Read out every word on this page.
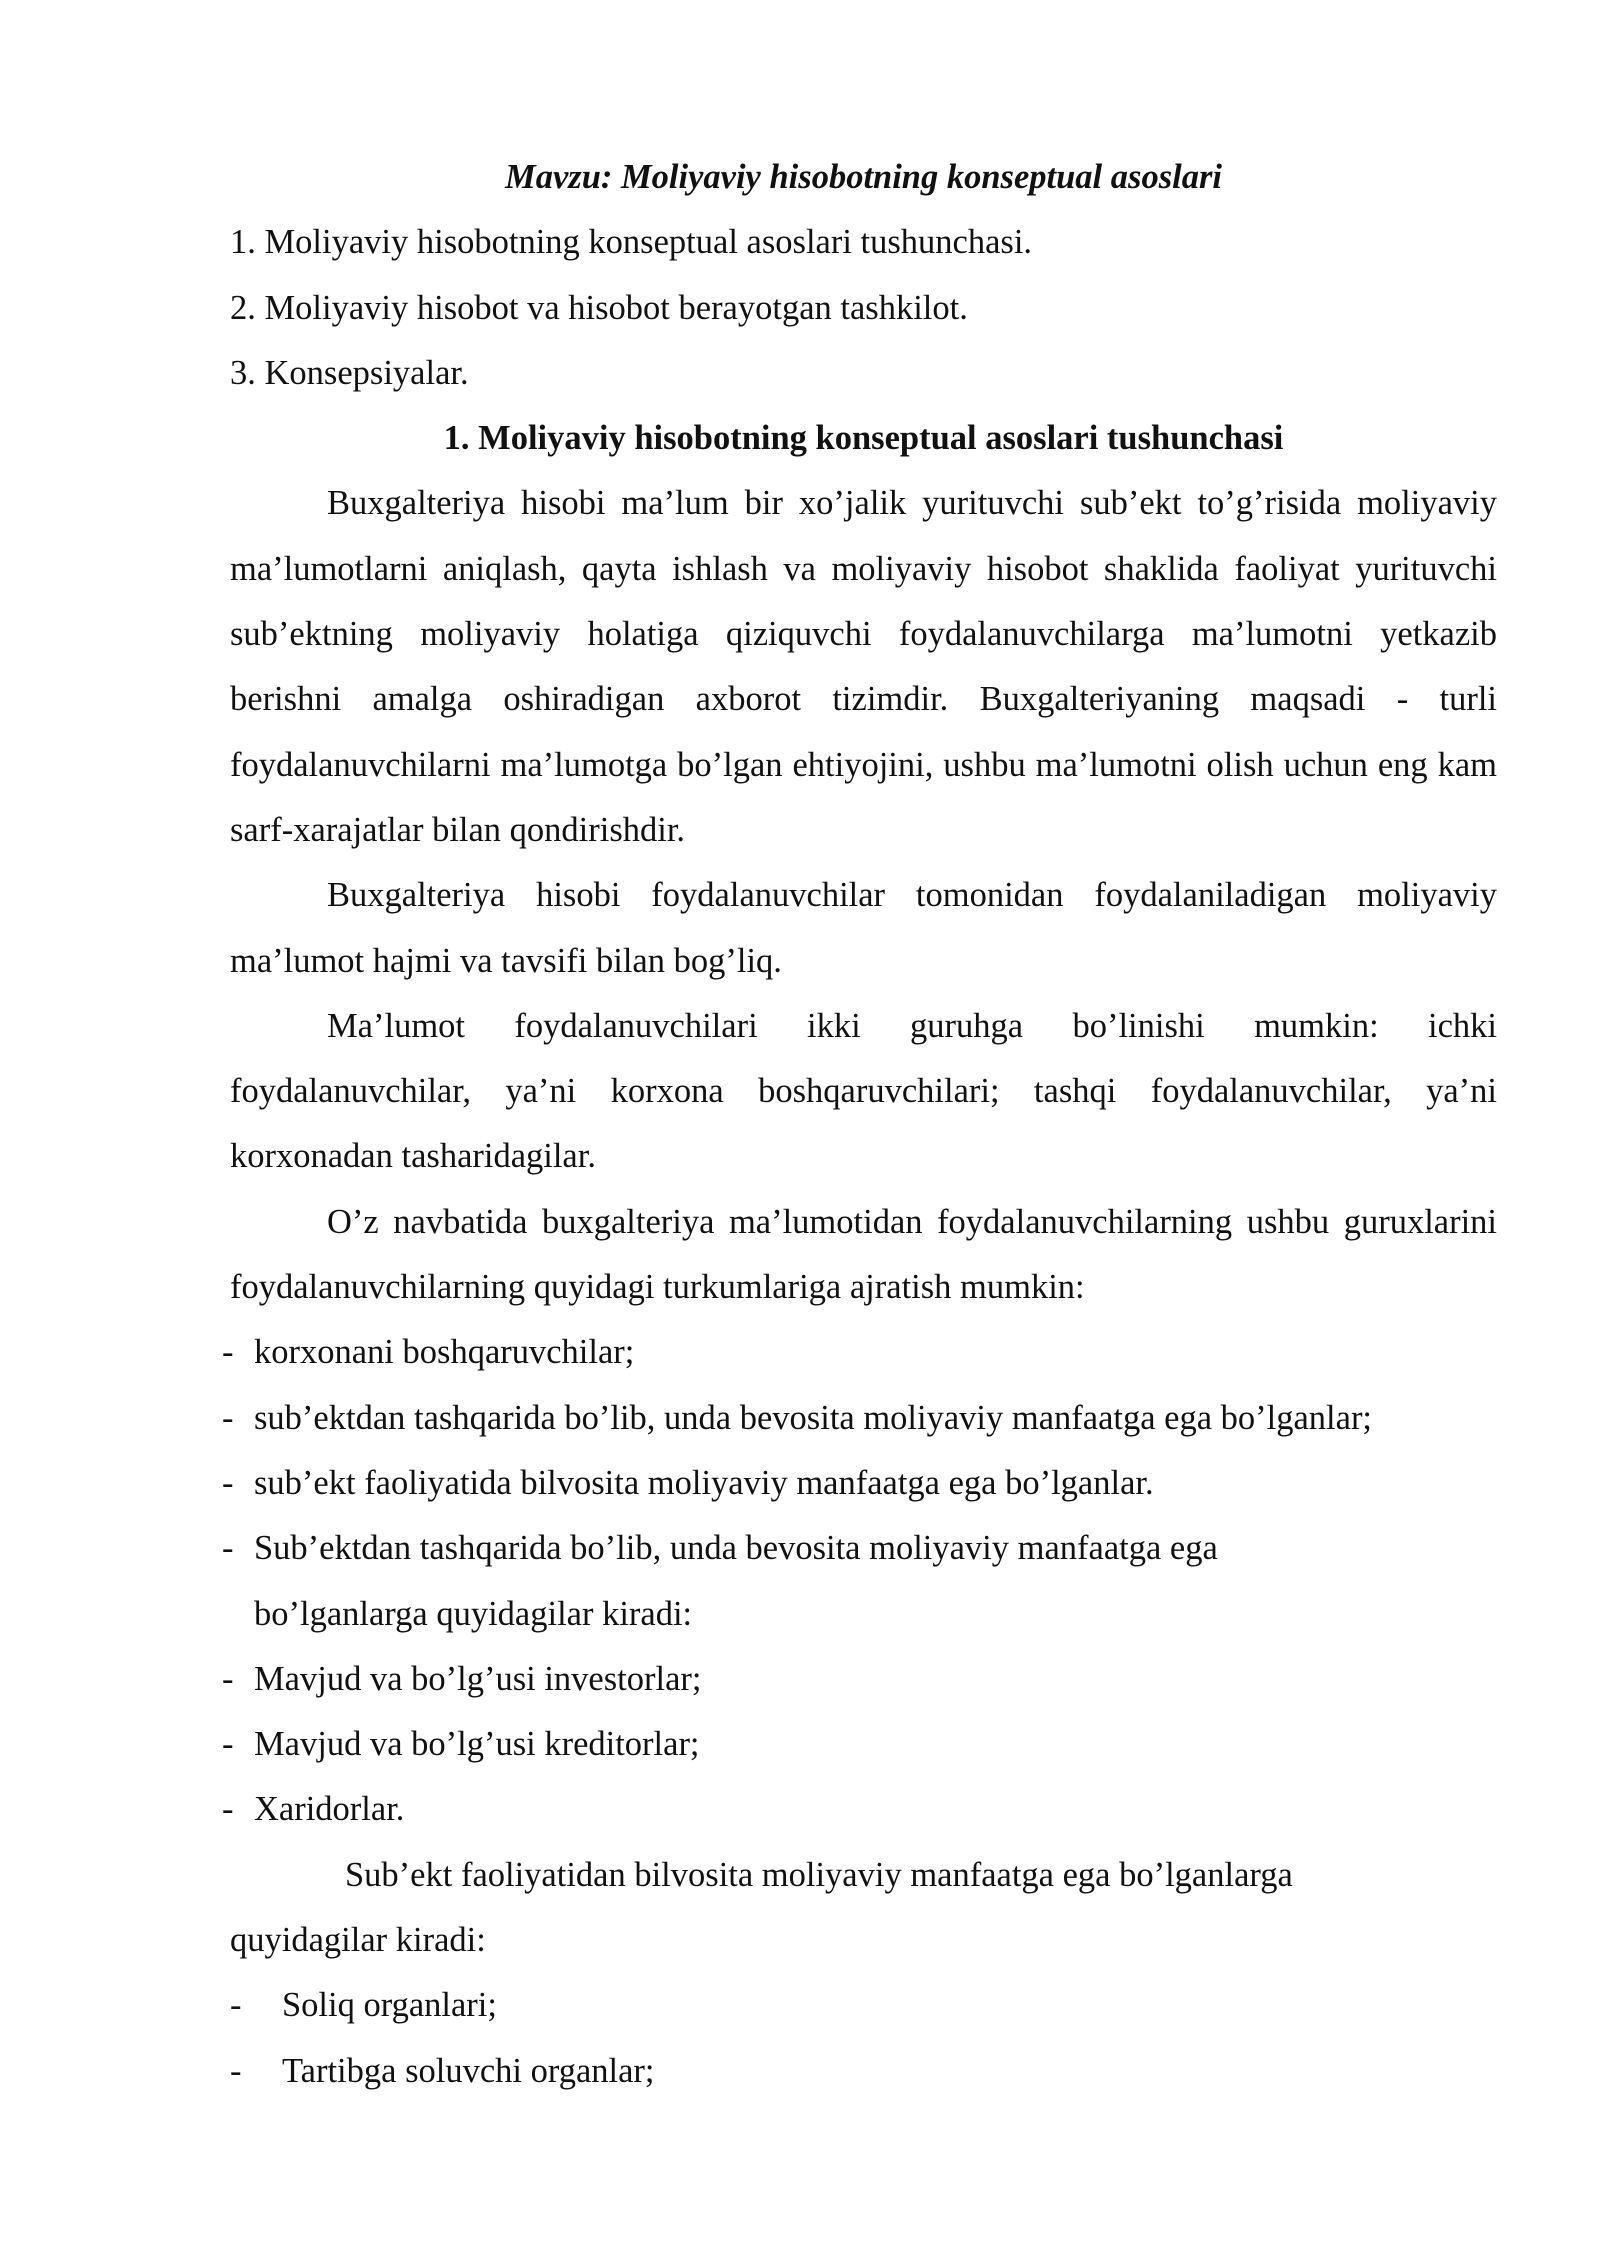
Mavzu: Moliyaviy hisobotning konseptual asoslari
1. Moliyaviy hisobotning konseptual asoslari tushunchasi.
2. Moliyaviy hisobot va hisobot berayotgan tashkilot.
3. Konsepsiyalar.
1. Moliyaviy hisobotning konseptual asoslari tushunchasi
Buxgalteriya hisobi ma’lum bir xo’jalik yurituvchi sub’ekt to’g’risida moliyaviy ma’lumotlarni aniqlash, qayta ishlash va moliyaviy hisobot shaklida faoliyat yurituvchi sub’ektning moliyaviy holatiga qiziquvchi foydalanuvchilarga ma’lumotni yetkazib berishni amalga oshiradigan axborot tizimdir. Buxgalteriyaning maqsadi - turli foydalanuvchilarni ma’lumotga bo’lgan ehtiyojini, ushbu ma’lumotni olish uchun eng kam sarf-xarajatlar bilan qondirishdir.
Buxgalteriya hisobi foydalanuvchilar tomonidan foydalaniladigan moliyaviy ma’lumot hajmi va tavsifi bilan bog’liq.
Ma’lumot foydalanuvchilari ikki guruhga bo’linishi mumkin: ichki foydalanuvchilar, ya’ni korxona boshqaruvchilari; tashqi foydalanuvchilar, ya’ni korxonadan tasharidagilar.
O’z navbatida buxgalteriya ma’lumotidan foydalanuvchilarning ushbu guruxlarini foydalanuvchilarning quyidagi turkumlariga ajratish mumkin:
- korxonani boshqaruvchilar;
- sub’ektdan tashqarida bo’lib, unda bevosita moliyaviy manfaatga ega bo’lganlar;
- sub’ekt faoliyatida bilvosita moliyaviy manfaatga ega bo’lganlar.
- Sub’ektdan tashqarida bo’lib, unda bevosita moliyaviy manfaatga ega
bo’lganlarga quyidagilar kiradi:
- Mavjud va bo’lg’usi investorlar;
- Mavjud va bo’lg’usi kreditorlar;
- Xaridorlar.
Sub’ekt faoliyatidan bilvosita moliyaviy manfaatga ega bo’lganlarga
quyidagilar kiradi:
- Soliq organlari;
- Tartibga soluvchi organlar;
